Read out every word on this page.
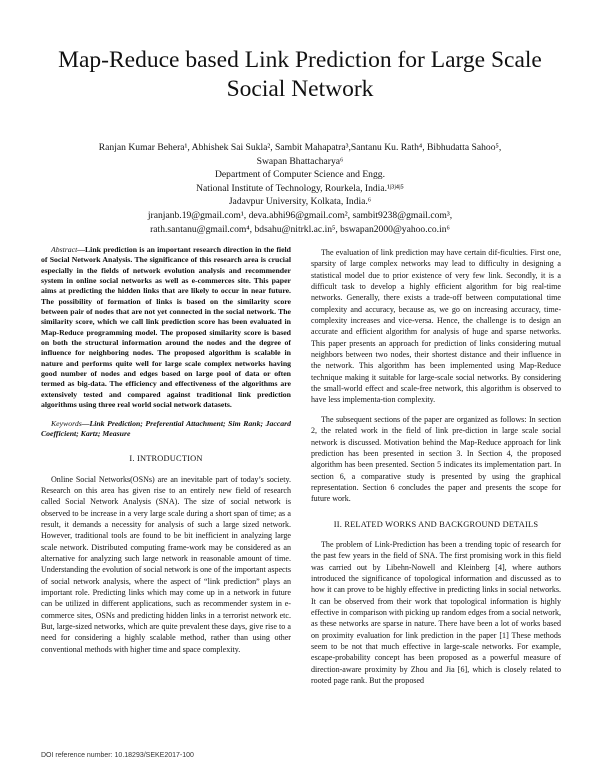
Map-Reduce based Link Prediction for Large Scale
Social Network
Ranjan Kumar Behera¹, Abhishek Sai Sukla², Sambit Mahapatra³,Santanu Ku. Rath⁴, Bibhudatta Sahoo⁵,
Swapan Bhattacharya⁶
Department of Computer Science and Engg.
National Institute of Technology, Rourkela, India.¹ʲ³ʲ⁴ʲ⁵
Jadavpur University, Kolkata, India.⁶
jranjanb.19@gmail.com¹, deva.abhi96@gmail.com², sambit9238@gmail.com³,
rath.santanu@gmail.com⁴, bdsahu@nitrkl.ac.in⁵, bswapan2000@yahoo.co.in⁶

Abstract—Link prediction is an important research direction in the field of Social Network Analysis. The significance of this research area is crucial especially in the fields of network evolution analysis and recommender system in online social networks as well as e-commerces site. This paper aims at predicting the hidden links that are likely to occur in near future. The possibility of formation of links is based on the similarity score between pair of nodes that are not yet connected in the social network. The similarity score, which we call link prediction score has been evaluated in Map-Reduce programming model. The proposed similarity score is based on both the structural information around the nodes and the degree of influence for neighboring nodes. The proposed algorithm is scalable in nature and performs quite well for large scale complex networks having good number of nodes and edges based on large pool of data or often termed as big-data. The efficiency and effectiveness of the algorithms are extensively tested and compared against traditional link prediction algorithms using three real world social network datasets.

Keywords—Link Prediction; Preferential Attachment; Sim Rank; Jaccard Coefficient; Kartz; Measure

I. INTRODUCTION

Online Social Networks(OSNs) are an inevitable part of today’s society. Research on this area has given rise to an entirely new field of research called Social Network Analysis (SNA). The size of social network is observed to be increase in a very large scale during a short span of time; as a result, it demands a necessity for analysis of such a large sized network. However, traditional tools are found to be bit inefficient in analyzing large scale network. Distributed computing frame-work may be considered as an alternative for analyzing such large network in reasonable amount of time. Understanding the evolution of social network is one of the important aspects of social network analysis, where the aspect of “link prediction” plays an important role. Predicting links which may come up in a network in future can be utilized in different applications, such as recommender system in e-commerce sites, OSNs and predicting hidden links in a terrorist network etc. But, large-sized networks, which are quite prevalent these days, give rise to a need for considering a highly scalable method, rather than using other conventional methods with higher time and space complexity.

The evaluation of link prediction may have certain dif-ficulties. First one, sparsity of large complex networks may lead to difficulty in designing a statistical model due to prior existence of very few link. Secondly, it is a difficult task to develop a highly efficient algorithm for big real-time networks. Generally, there exists a trade-off between computational time complexity and accuracy, because as, we go on increasing accuracy, time-complexity increases and vice-versa. Hence, the challenge is to design an accurate and efficient algorithm for analysis of huge and sparse networks. This paper presents an approach for prediction of links considering mutual neighbors between two nodes, their shortest distance and their influence in the network. This algorithm has been implemented using Map-Reduce technique making it suitable for large-scale social networks. By considering the small-world effect and scale-free network, this algorithm is observed to have less implementa-tion complexity.

The subsequent sections of the paper are organized as follows: In section 2, the related work in the field of link pre-diction in large scale social network is discussed. Motivation behind the Map-Reduce approach for link prediction has been presented in section 3. In Section 4, the proposed algorithm has been presented. Section 5 indicates its implementation part. In section 6, a comparative study is presented by using the graphical representation. Section 6 concludes the paper and presents the scope for future work.

II. RELATED WORKS AND BACKGROUND DETAILS

The problem of Link-Prediction has been a trending topic of research for the past few years in the field of SNA. The first promising work in this field was carried out by Libehn-Nowell and Kleinberg [4], where authors introduced the significance of topological information and discussed as to how it can prove to be highly effective in predicting links in social networks. It can be observed from their work that topological information is highly effective in comparison with picking up random edges from a social network, as these networks are sparse in nature. There have been a lot of works based on proximity evaluation for link prediction in the paper [1] These methods seem to be not that much effective in large-scale networks. For example, escape-probability concept has been proposed as a powerful measure of direction-aware proximity by Zhou and Jia [6], which is closely related to rooted page rank. But the proposed

DOI reference number: 10.18293/SEKE2017-100
